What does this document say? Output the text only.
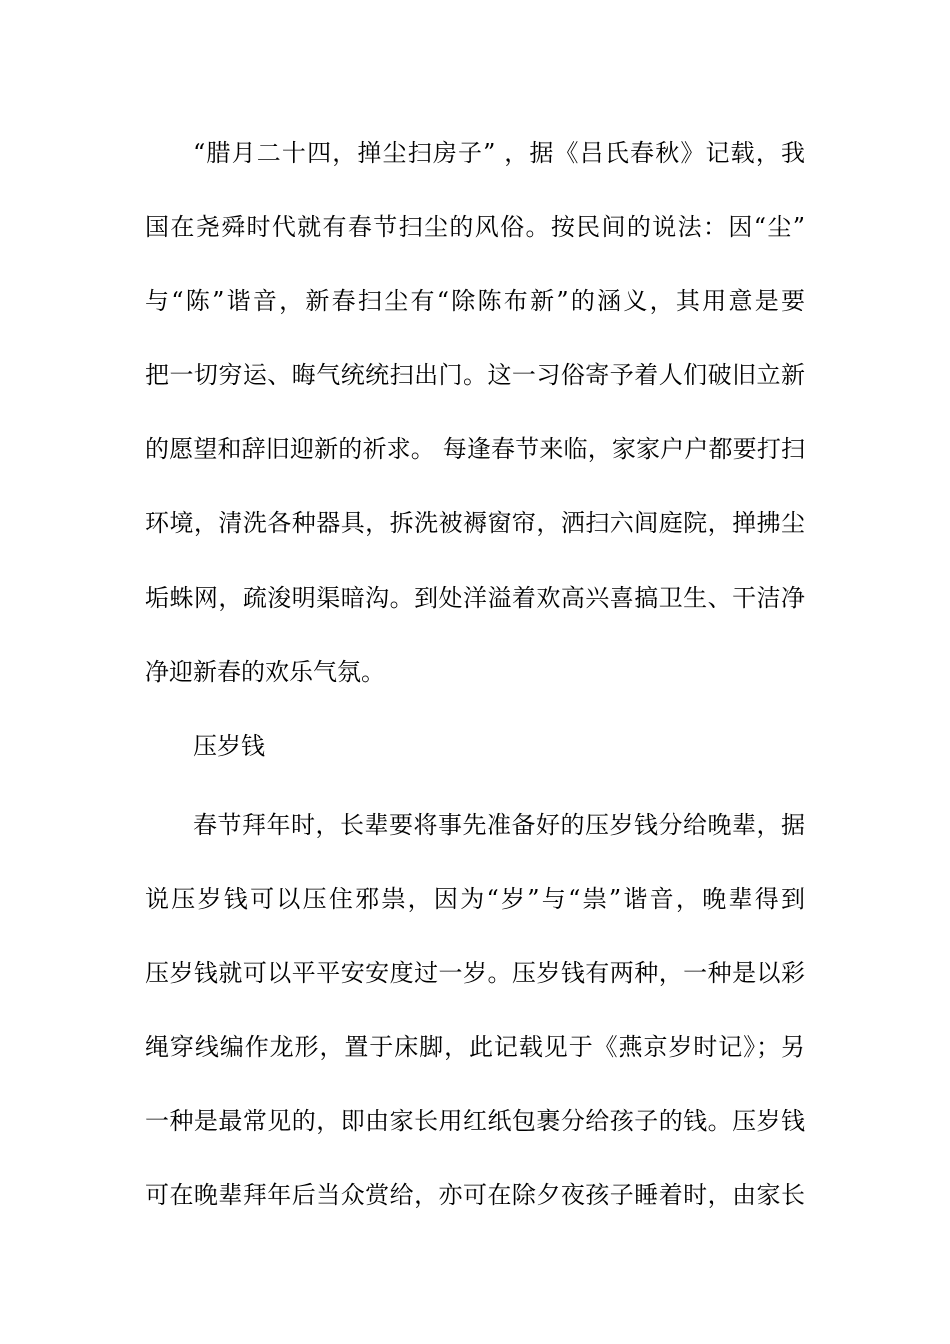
“腊月二十四，掸尘扫房子” ，据《吕氏春秋》记载，我
国在尧舜时代就有春节扫尘的风俗。按民间的说法：因“尘”
与“陈”谐音，新春扫尘有“除陈布新”的涵义，其用意是要
把一切穷运、晦气统统扫出门。这一习俗寄予着人们破旧立新
的愿望和辞旧迎新的祈求。 每逢春节来临，家家户户都要打扫
环境，清洗各种器具，拆洗被褥窗帘，洒扫六闾庭院，掸拂尘
垢蛛网，疏浚明渠暗沟。到处洋溢着欢高兴喜搞卫生、干洁净
净迎新春的欢乐气氛。
压岁钱
春节拜年时，长辈要将事先准备好的压岁钱分给晚辈，据
说压岁钱可以压住邪祟，因为“岁”与“祟”谐音，晚辈得到
压岁钱就可以平平安安度过一岁。压岁钱有两种，一种是以彩
绳穿线编作龙形，置于床脚，此记载见于《燕京岁时记》；另
一种是最常见的，即由家长用红纸包裹分给孩子的钱。压岁钱
可在晚辈拜年后当众赏给，亦可在除夕夜孩子睡着时，由家长
